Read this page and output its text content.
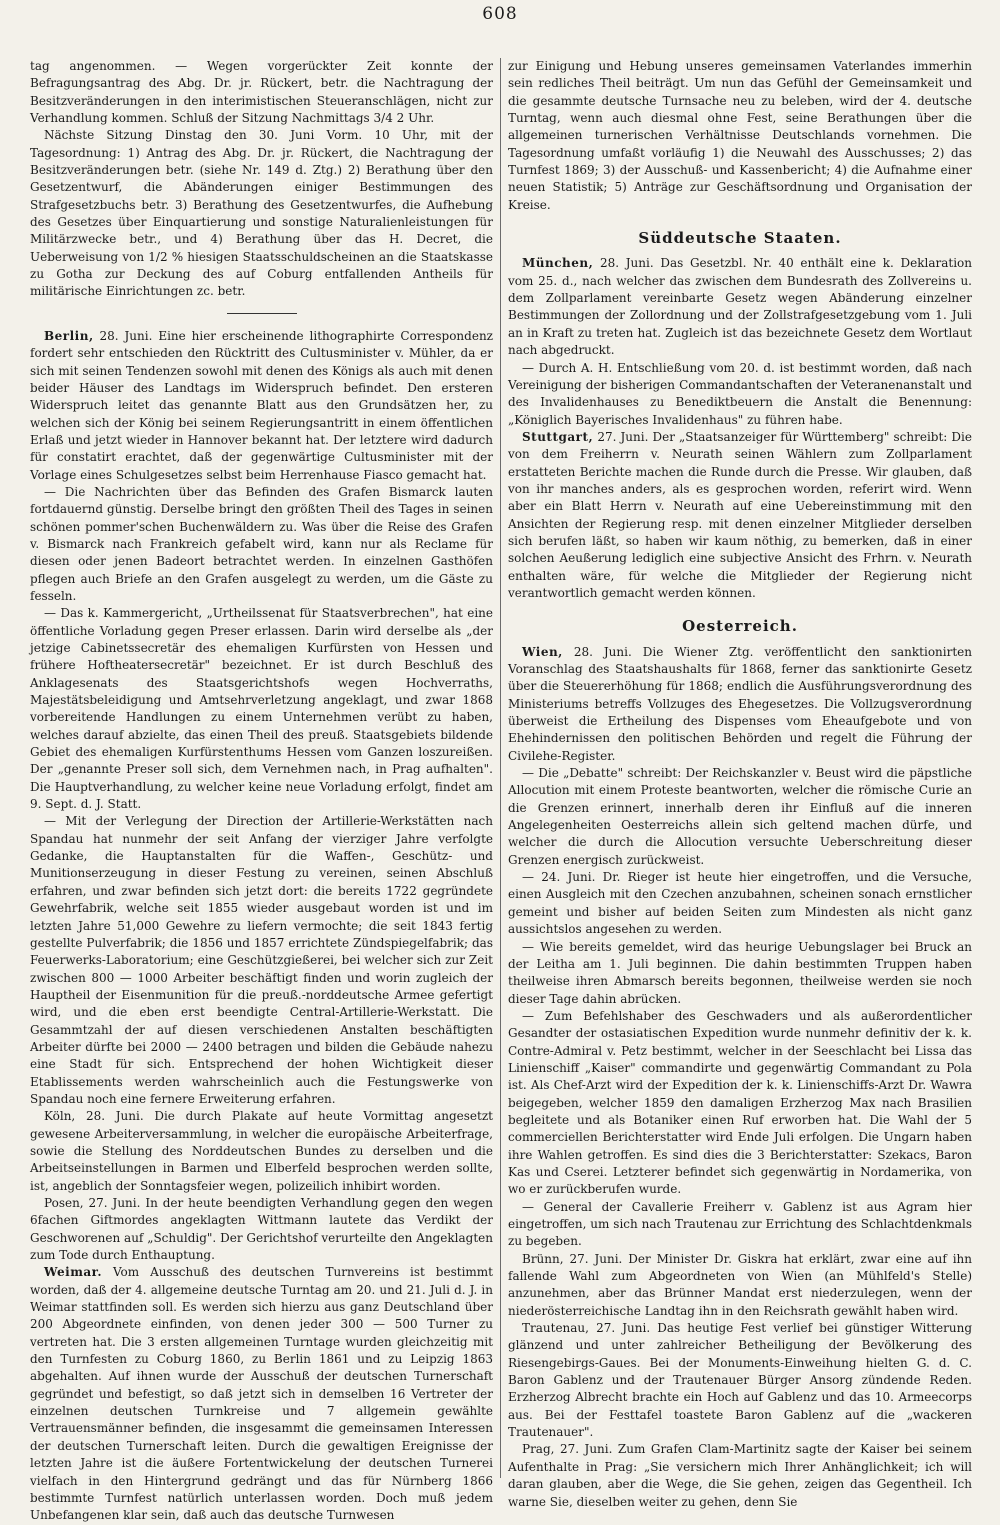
608

tag angenommen. — Wegen vorgerückter Zeit konnte der Befragungsantrag des Abg. Dr. jr. Rückert, betr. die Nachtragung der Besitzveränderungen in den interimistischen Steueranschlägen, nicht zur Verhandlung kommen. Schluß der Sitzung Nachmittags 3/4 2 Uhr.

Nächste Sitzung Dinstag den 30. Juni Vorm. 10 Uhr, mit der Tagesordnung: 1) Antrag des Abg. Dr. jr. Rückert, die Nachtragung der Besitzveränderungen betr. (siehe Nr. 149 d. Ztg.) 2) Berathung über den Gesetzentwurf, die Abänderungen einiger Bestimmungen des Strafgesetzbuchs betr. 3) Berathung des Gesetzentwurfes, die Aufhebung des Gesetzes über Einquartierung und sonstige Naturalienleistungen für Militärzwecke betr., und 4) Berathung über das H. Decret, die Ueberweisung von 1/2 % hiesigen Staatsschuldscheinen an die Staatskasse zu Gotha zur Deckung des auf Coburg entfallenden Antheils für militärische Einrichtungen zc. betr.

Berlin, 28. Juni. Eine hier erscheinende lithographirte Correspondenz fordert sehr entschieden den Rücktritt des Cultusminister v. Mühler, da er sich mit seinen Tendenzen sowohl mit denen des Königs als auch mit denen beider Häuser des Landtags im Widerspruch befindet. Den ersteren Widerspruch leitet das genannte Blatt aus den Grundsätzen her, zu welchen sich der König bei seinem Regierungsantritt in einem öffentlichen Erlaß und jetzt wieder in Hannover bekannt hat. Der letztere wird dadurch für constatirt erachtet, daß der gegenwärtige Cultusminister mit der Vorlage eines Schulgesetzes selbst beim Herrenhause Fiasco gemacht hat.

— Die Nachrichten über das Befinden des Grafen Bismarck lauten fortdauernd günstig. Derselbe bringt den größten Theil des Tages in seinen schönen pommer'schen Buchenwäldern zu. Was über die Reise des Grafen v. Bismarck nach Frankreich gefabelt wird, kann nur als Reclame für diesen oder jenen Badeort betrachtet werden. In einzelnen Gasthöfen pflegen auch Briefe an den Grafen ausgelegt zu werden, um die Gäste zu fesseln.

— Das k. Kammergericht, „Urtheilssenat für Staatsverbrechen", hat eine öffentliche Vorladung gegen Preser erlassen. Darin wird derselbe als „der jetzige Cabinetssecretär des ehemaligen Kurfürsten von Hessen und frühere Hoftheatersecretär" bezeichnet. Er ist durch Beschluß des Anklagesenats des Staatsgerichtshofs wegen Hochverraths, Majestätsbeleidigung und Amtsehrverletzung angeklagt, und zwar 1868 vorbereitende Handlungen zu einem Unternehmen verübt zu haben, welches darauf abzielte, das einen Theil des preuß. Staatsgebiets bildende Gebiet des ehemaligen Kurfürstenthums Hessen vom Ganzen loszureißen. Der „genannte Preser soll sich, dem Vernehmen nach, in Prag aufhalten". Die Hauptverhandlung, zu welcher keine neue Vorladung erfolgt, findet am 9. Sept. d. J. Statt.

— Mit der Verlegung der Direction der Artillerie-Werkstätten nach Spandau hat nunmehr der seit Anfang der vierziger Jahre verfolgte Gedanke, die Hauptanstalten für die Waffen-, Geschütz- und Munitionserzeugung in dieser Festung zu vereinen, seinen Abschluß erfahren, und zwar befinden sich jetzt dort: die bereits 1722 gegründete Gewehrfabrik, welche seit 1855 wieder ausgebaut worden ist und im letzten Jahre 51,000 Gewehre zu liefern vermochte; die seit 1843 fertig gestellte Pulverfabrik; die 1856 und 1857 errichtete Zündspiegelfabrik; das Feuerwerks-Laboratorium; eine Geschützgießerei, bei welcher sich zur Zeit zwischen 800 — 1000 Arbeiter beschäftigt finden und worin zugleich der Hauptheil der Eisenmunition für die preuß.-norddeutsche Armee gefertigt wird, und die eben erst beendigte Central-Artillerie-Werkstatt. Die Gesammtzahl der auf diesen verschiedenen Anstalten beschäftigten Arbeiter dürfte bei 2000 — 2400 betragen und bilden die Gebäude nahezu eine Stadt für sich. Entsprechend der hohen Wichtigkeit dieser Etablissements werden wahrscheinlich auch die Festungswerke von Spandau noch eine fernere Erweiterung erfahren.

Köln, 28. Juni. Die durch Plakate auf heute Vormittag angesetzt gewesene Arbeiterversammlung, in welcher die europäische Arbeiterfrage, sowie die Stellung des Norddeutschen Bundes zu derselben und die Arbeitseinstellungen in Barmen und Elberfeld besprochen werden sollte, ist, angeblich der Sonntagsfeier wegen, polizeilich inhibirt worden.

Posen, 27. Juni. In der heute beendigten Verhandlung gegen den wegen 6fachen Giftmordes angeklagten Wittmann lautete das Verdikt der Geschworenen auf „Schuldig". Der Gerichtshof verurteilte den Angeklagten zum Tode durch Enthauptung.

Weimar. Vom Ausschuß des deutschen Turnvereins ist bestimmt worden, daß der 4. allgemeine deutsche Turntag am 20. und 21. Juli d. J. in Weimar stattfinden soll. Es werden sich hierzu aus ganz Deutschland über 200 Abgeordnete einfinden, von denen jeder 300 — 500 Turner zu vertreten hat. Die 3 ersten allgemeinen Turntage wurden gleichzeitig mit den Turnfesten zu Coburg 1860, zu Berlin 1861 und zu Leipzig 1863 abgehalten. Auf ihnen wurde der Ausschuß der deutschen Turnerschaft gegründet und befestigt, so daß jetzt sich in demselben 16 Vertreter der einzelnen deutschen Turnkreise und 7 allgemein gewählte Vertrauensmänner befinden, die insgesammt die gemeinsamen Interessen der deutschen Turnerschaft leiten. Durch die gewaltigen Ereignisse der letzten Jahre ist die äußere Fortentwickelung der deutschen Turnerei vielfach in den Hintergrund gedrängt und das für Nürnberg 1866 bestimmte Turnfest natürlich unterlassen worden. Doch muß jedem Unbefangenen klar sein, daß auch das deutsche Turnwesen

zur Einigung und Hebung unseres gemeinsamen Vaterlandes immerhin sein redliches Theil beiträgt. Um nun das Gefühl der Gemeinsamkeit und die gesammte deutsche Turnsache neu zu beleben, wird der 4. deutsche Turntag, wenn auch diesmal ohne Fest, seine Berathungen über die allgemeinen turnerischen Verhältnisse Deutschlands vornehmen. Die Tagesordnung umfaßt vorläufig 1) die Neuwahl des Ausschusses; 2) das Turnfest 1869; 3) der Ausschuß- und Kassenbericht; 4) die Aufnahme einer neuen Statistik; 5) Anträge zur Geschäftsordnung und Organisation der Kreise.

Süddeutsche Staaten.

München, 28. Juni. Das Gesetzbl. Nr. 40 enthält eine k. Deklaration vom 25. d., nach welcher das zwischen dem Bundesrath des Zollvereins u. dem Zollparlament vereinbarte Gesetz wegen Abänderung einzelner Bestimmungen der Zollordnung und der Zollstrafgesetzgebung vom 1. Juli an in Kraft zu treten hat. Zugleich ist das bezeichnete Gesetz dem Wortlaut nach abgedruckt.

— Durch A. H. Entschließung vom 20. d. ist bestimmt worden, daß nach Vereinigung der bisherigen Commandantschaften der Veteranenanstalt und des Invalidenhauses zu Benediktbeuern die Anstalt die Benennung: „Königlich Bayerisches Invalidenhaus" zu führen habe.

Stuttgart, 27. Juni. Der „Staatsanzeiger für Württemberg" schreibt: Die von dem Freiherrn v. Neurath seinen Wählern zum Zollparlament erstatteten Berichte machen die Runde durch die Presse. Wir glauben, daß von ihr manches anders, als es gesprochen worden, referirt wird. Wenn aber ein Blatt Herrn v. Neurath auf eine Uebereinstimmung mit den Ansichten der Regierung resp. mit denen einzelner Mitglieder derselben sich berufen läßt, so haben wir kaum nöthig, zu bemerken, daß in einer solchen Aeußerung lediglich eine subjective Ansicht des Frhrn. v. Neurath enthalten wäre, für welche die Mitglieder der Regierung nicht verantwortlich gemacht werden können.

Oesterreich.

Wien, 28. Juni. Die Wiener Ztg. veröffentlicht den sanktionirten Voranschlag des Staatshaushalts für 1868, ferner das sanktionirte Gesetz über die Steuererhöhung für 1868; endlich die Ausführungsverordnung des Ministeriums betreffs Vollzuges des Ehegesetzes. Die Vollzugsverordnung überweist die Ertheilung des Dispenses vom Eheaufgebote und von Ehehindernissen den politischen Behörden und regelt die Führung der Civilehe-Register.

— Die „Debatte" schreibt: Der Reichskanzler v. Beust wird die päpstliche Allocution mit einem Proteste beantworten, welcher die römische Curie an die Grenzen erinnert, innerhalb deren ihr Einfluß auf die inneren Angelegenheiten Oesterreichs allein sich geltend machen dürfe, und welcher die durch die Allocution versuchte Ueberschreitung dieser Grenzen energisch zurückweist.

— 24. Juni. Dr. Rieger ist heute hier eingetroffen, und die Versuche, einen Ausgleich mit den Czechen anzubahnen, scheinen sonach ernstlicher gemeint und bisher auf beiden Seiten zum Mindesten als nicht ganz aussichtslos angesehen zu werden.

— Wie bereits gemeldet, wird das heurige Uebungslager bei Bruck an der Leitha am 1. Juli beginnen. Die dahin bestimmten Truppen haben theilweise ihren Abmarsch bereits begonnen, theilweise werden sie noch dieser Tage dahin abrücken.

— Zum Befehlshaber des Geschwaders und als außerordentlicher Gesandter der ostasiatischen Expedition wurde nunmehr definitiv der k. k. Contre-Admiral v. Petz bestimmt, welcher in der Seeschlacht bei Lissa das Linienschiff „Kaiser" commandirte und gegenwärtig Commandant zu Pola ist. Als Chef-Arzt wird der Expedition der k. k. Linienschiffs-Arzt Dr. Wawra beigegeben, welcher 1859 den damaligen Erzherzog Max nach Brasilien begleitete und als Botaniker einen Ruf erworben hat. Die Wahl der 5 commerciellen Berichterstatter wird Ende Juli erfolgen. Die Ungarn haben ihre Wahlen getroffen. Es sind dies die 3 Berichterstatter: Szekacs, Baron Kas und Cserei. Letzterer befindet sich gegenwärtig in Nordamerika, von wo er zurückberufen wurde.

— General der Cavallerie Freiherr v. Gablenz ist aus Agram hier eingetroffen, um sich nach Trautenau zur Errichtung des Schlachtdenkmals zu begeben.

Brünn, 27. Juni. Der Minister Dr. Giskra hat erklärt, zwar eine auf ihn fallende Wahl zum Abgeordneten von Wien (an Mühlfeld's Stelle) anzunehmen, aber das Brünner Mandat erst niederzulegen, wenn der niederösterreichische Landtag ihn in den Reichsrath gewählt haben wird.

Trautenau, 27. Juni. Das heutige Fest verlief bei günstiger Witterung glänzend und unter zahlreicher Betheiligung der Bevölkerung des Riesengebirgs-Gaues. Bei der Monuments-Einweihung hielten G. d. C. Baron Gablenz und der Trautenauer Bürger Ansorg zündende Reden. Erzherzog Albrecht brachte ein Hoch auf Gablenz und das 10. Armeecorps aus. Bei der Festtafel toastete Baron Gablenz auf die „wackeren Trautenauer".

Prag, 27. Juni. Zum Grafen Clam-Martinitz sagte der Kaiser bei seinem Aufenthalte in Prag: „Sie versichern mich Ihrer Anhänglichkeit; ich will daran glauben, aber die Wege, die Sie gehen, zeigen das Gegentheil. Ich warne Sie, dieselben weiter zu gehen, denn Sie
